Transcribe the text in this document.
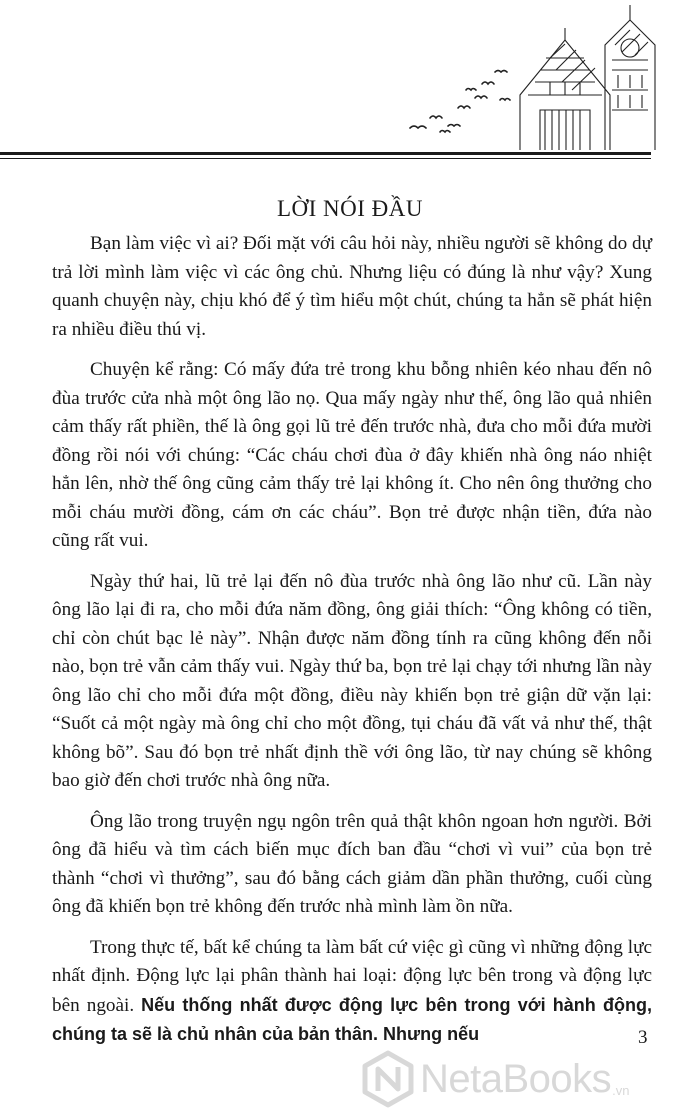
LỜI NÓI ĐẦU

Bạn làm việc vì ai? Đối mặt với câu hỏi này, nhiều người sẽ không do dự trả lời mình làm việc vì các ông chủ. Nhưng liệu có đúng là như vậy? Xung quanh chuyện này, chịu khó để ý tìm hiểu một chút, chúng ta hẳn sẽ phát hiện ra nhiều điều thú vị.

Chuyện kể rằng: Có mấy đứa trẻ trong khu bỗng nhiên kéo nhau đến nô đùa trước cửa nhà một ông lão nọ. Qua mấy ngày như thế, ông lão quả nhiên cảm thấy rất phiền, thế là ông gọi lũ trẻ đến trước nhà, đưa cho mỗi đứa mười đồng rồi nói với chúng: “Các cháu chơi đùa ở đây khiến nhà ông náo nhiệt hẳn lên, nhờ thế ông cũng cảm thấy trẻ lại không ít. Cho nên ông thưởng cho mỗi cháu mười đồng, cám ơn các cháu”. Bọn trẻ được nhận tiền, đứa nào cũng rất vui.

Ngày thứ hai, lũ trẻ lại đến nô đùa trước nhà ông lão như cũ. Lần này ông lão lại đi ra, cho mỗi đứa năm đồng, ông giải thích: “Ông không có tiền, chỉ còn chút bạc lẻ này”. Nhận được năm đồng tính ra cũng không đến nỗi nào, bọn trẻ vẫn cảm thấy vui. Ngày thứ ba, bọn trẻ lại chạy tới nhưng lần này ông lão chỉ cho mỗi đứa một đồng, điều này khiến bọn trẻ giận dữ vặn lại: “Suốt cả một ngày mà ông chỉ cho một đồng, tụi cháu đã vất vả như thế, thật không bõ”. Sau đó bọn trẻ nhất định thề với ông lão, từ nay chúng sẽ không bao giờ đến chơi trước nhà ông nữa.

Ông lão trong truyện ngụ ngôn trên quả thật khôn ngoan hơn người. Bởi ông đã hiểu và tìm cách biến mục đích ban đầu “chơi vì vui” của bọn trẻ thành “chơi vì thưởng”, sau đó bằng cách giảm dần phần thưởng, cuối cùng ông đã khiến bọn trẻ không đến trước nhà mình làm ồn nữa.

Trong thực tế, bất kể chúng ta làm bất cứ việc gì cũng vì những động lực nhất định. Động lực lại phân thành hai loại: động lực bên trong và động lực bên ngoài. Nếu thống nhất được động lực bên trong với hành động, chúng ta sẽ là chủ nhân của bản thân. Nhưng nếu	3
NetaBooks .vn
